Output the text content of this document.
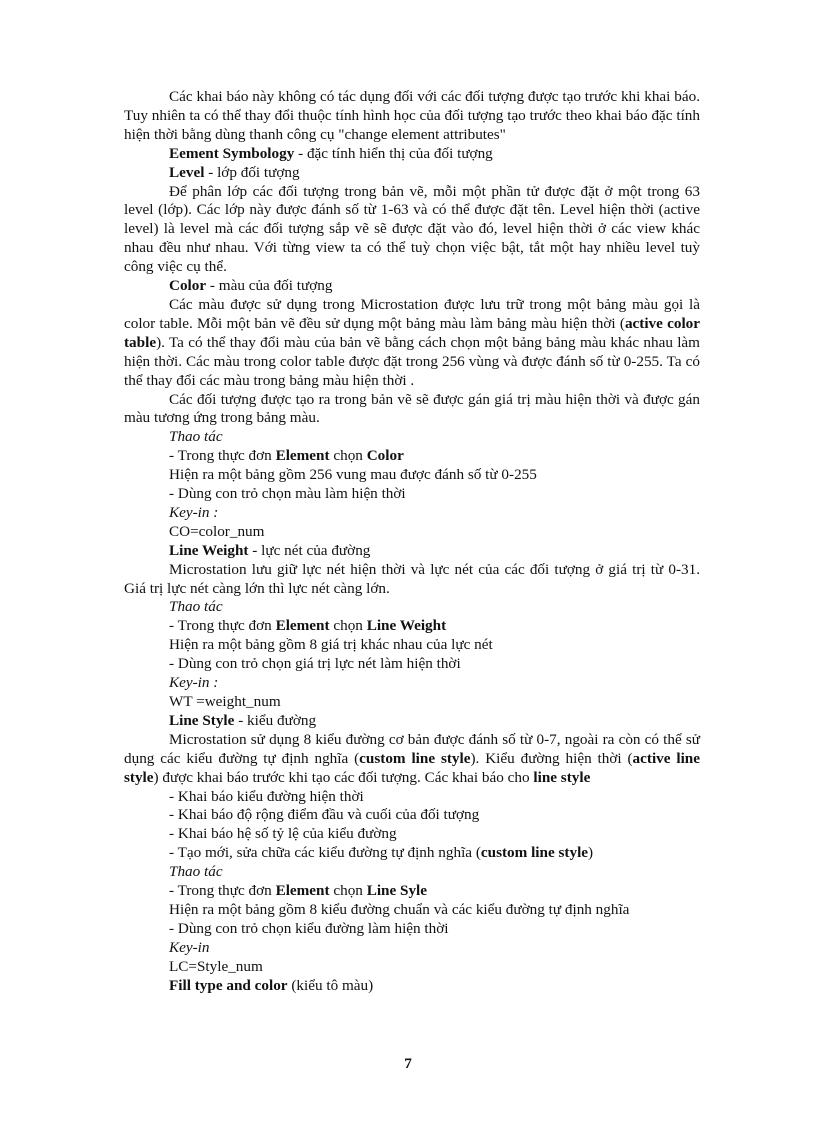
Các khai báo này không có tác dụng đối với các đối tượng được tạo trước khi khai báo. Tuy nhiên ta có thể thay đổi thuộc tính hình học của đối tượng tạo trước theo khai báo đặc tính hiện thời bằng dùng thanh công cụ "change element attributes"

Eement Symbology - đặc tính hiển thị của đối tượng

Level - lớp đối tượng

Để phân lớp các đối tượng trong bản vẽ, mỗi một phần tử được đặt ở một trong 63 level (lớp). Các lớp này được đánh số từ 1-63 và có thể được đặt tên. Level hiện thời (active level) là level mà các đối tượng sắp vẽ sẽ được đặt vào đó, level hiện thời ở các view khác nhau đều như nhau. Với từng view ta có thể tuỳ chọn việc bật, tắt một hay nhiều level tuỳ công việc cụ thể.

Color - màu của đối tượng

Các màu được sử dụng trong Microstation được lưu trữ trong một bảng màu gọi là color table. Mỗi một bản vẽ đều sử dụng một bảng màu làm bảng màu hiện thời (active color table). Ta có thể thay đổi màu của bản vẽ bằng cách chọn một bảng bảng màu khác nhau làm hiện thời. Các màu trong color table được đặt trong 256 vùng và được đánh số từ 0-255. Ta có thể thay đổi các màu trong bảng màu hiện thời .

Các đối tượng được tạo ra trong bản vẽ sẽ được gán giá trị màu hiện thời và được gán màu tương ứng trong bảng màu.

Thao tác

- Trong thực đơn Element chọn Color

Hiện ra một bảng gồm 256 vung mau được đánh số từ 0-255

- Dùng con trỏ chọn màu làm hiện thời

Key-in :

CO=color_num

Line Weight - lực nét của đường

Microstation lưu giữ lực nét hiện thời và lực nét của các đối tượng ở giá trị từ 0-31. Giá trị lực nét càng lớn thì lực nét càng lớn.

Thao tác

- Trong thực đơn Element chọn Line Weight

Hiện ra một bảng gồm 8 giá trị khác nhau của lực nét

- Dùng con trỏ chọn giá trị lực nét làm hiện thời

Key-in :

WT =weight_num

Line Style - kiểu đường

Microstation sử dụng 8 kiểu đường cơ bản được đánh số từ 0-7, ngoài ra còn có thể sử dụng các kiểu đường tự định nghĩa (custom line style). Kiểu đường hiện thời (active line style) được khai báo trước khi tạo các đối tượng. Các khai báo cho line style

- Khai báo kiểu đường hiện thời

- Khai báo độ rộng điểm đầu và cuối của đối tượng

- Khai báo hệ số tỷ lệ của kiểu đường

- Tạo mới, sửa chữa các kiểu đường tự định nghĩa (custom line style)

Thao tác

- Trong thực đơn Element chọn Line Syle

Hiện ra một bảng gồm 8 kiểu đường chuẩn và các kiểu đường tự định nghĩa

- Dùng con trỏ chọn kiểu đường làm hiện thời

Key-in

LC=Style_num

Fill type and color (kiểu tô màu)

7
